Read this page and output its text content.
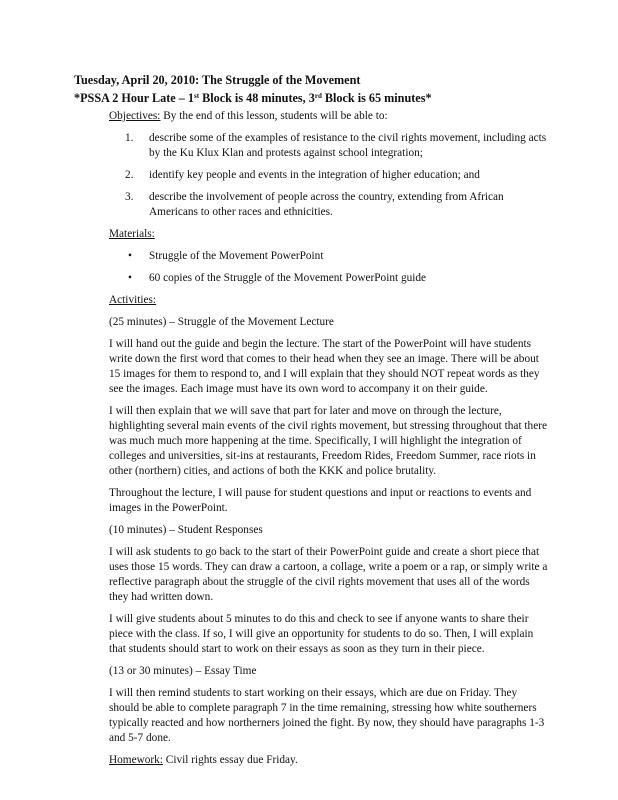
Tuesday, April 20, 2010: The Struggle of the Movement
*PSSA 2 Hour Late – 1st Block is 48 minutes, 3rd Block is 65 minutes*

Objectives: By the end of this lesson, students will be able to:

1. describe some of the examples of resistance to the civil rights movement, including acts by the Ku Klux Klan and protests against school integration;
2. identify key people and events in the integration of higher education; and
3. describe the involvement of people across the country, extending from African Americans to other races and ethnicities.

Materials:

• Struggle of the Movement PowerPoint
• 60 copies of the Struggle of the Movement PowerPoint guide

Activities:

(25 minutes) – Struggle of the Movement Lecture

I will hand out the guide and begin the lecture. The start of the PowerPoint will have students write down the first word that comes to their head when they see an image. There will be about 15 images for them to respond to, and I will explain that they should NOT repeat words as they see the images. Each image must have its own word to accompany it on their guide.

I will then explain that we will save that part for later and move on through the lecture, highlighting several main events of the civil rights movement, but stressing throughout that there was much much more happening at the time. Specifically, I will highlight the integration of colleges and universities, sit-ins at restaurants, Freedom Rides, Freedom Summer, race riots in other (northern) cities, and actions of both the KKK and police brutality.

Throughout the lecture, I will pause for student questions and input or reactions to events and images in the PowerPoint.

(10 minutes) – Student Responses

I will ask students to go back to the start of their PowerPoint guide and create a short piece that uses those 15 words. They can draw a cartoon, a collage, write a poem or a rap, or simply write a reflective paragraph about the struggle of the civil rights movement that uses all of the words they had written down.

I will give students about 5 minutes to do this and check to see if anyone wants to share their piece with the class. If so, I will give an opportunity for students to do so. Then, I will explain that students should start to work on their essays as soon as they turn in their piece.

(13 or 30 minutes) – Essay Time

I will then remind students to start working on their essays, which are due on Friday. They should be able to complete paragraph 7 in the time remaining, stressing how white southerners typically reacted and how northerners joined the fight. By now, they should have paragraphs 1-3 and 5-7 done.

Homework: Civil rights essay due Friday.
